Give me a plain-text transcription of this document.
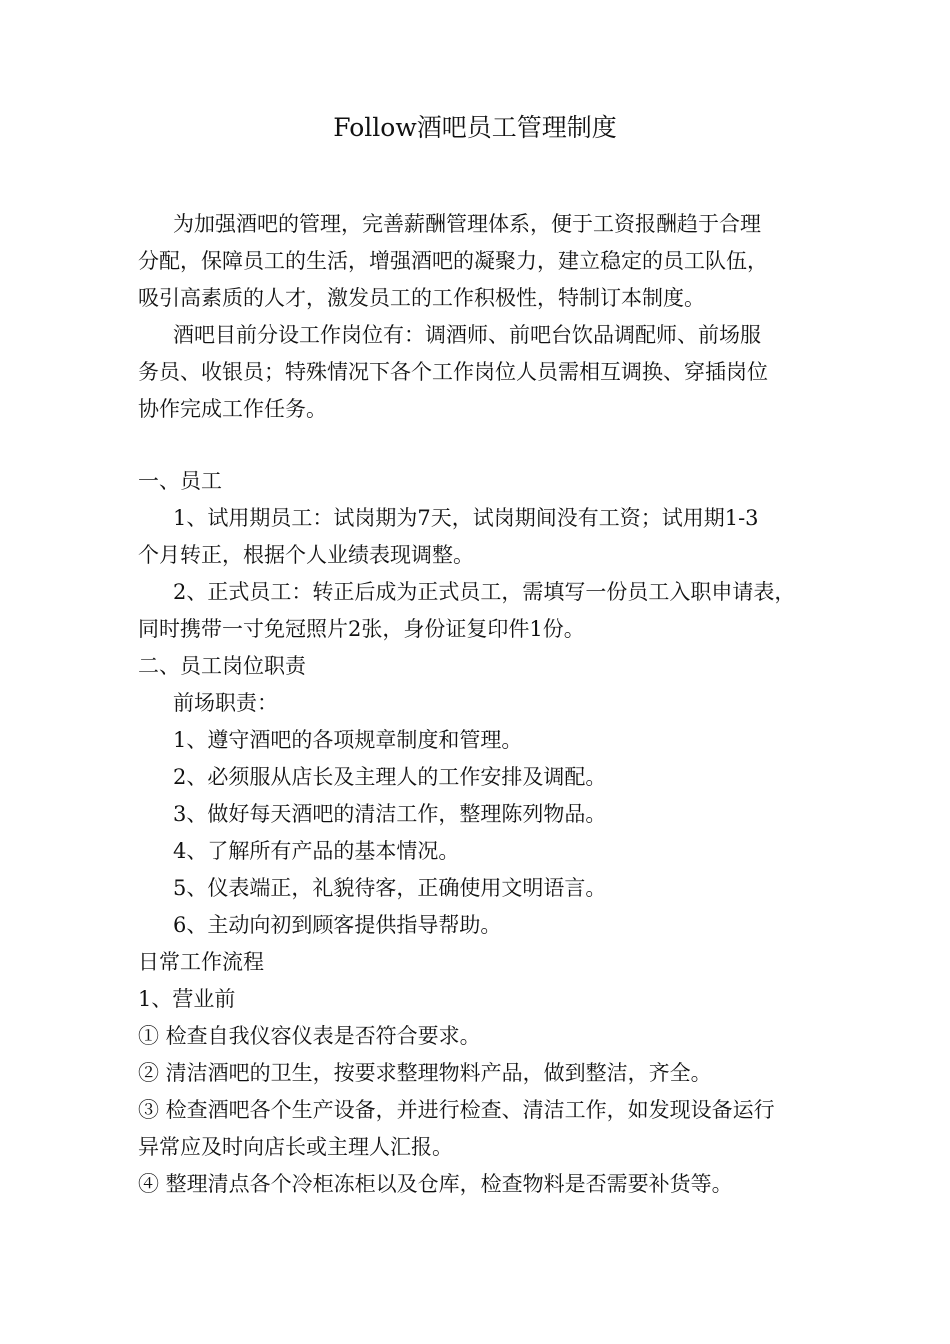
Follow酒吧员工管理制度
为加强酒吧的管理，完善薪酬管理体系，便于工资报酬趋于合理
分配，保障员工的生活，增强酒吧的凝聚力，建立稳定的员工队伍，
吸引高素质的人才，激发员工的工作积极性，特制订本制度。
酒吧目前分设工作岗位有：调酒师、前吧台饮品调配师、前场服
务员、收银员；特殊情况下各个工作岗位人员需相互调换、穿插岗位
协作完成工作任务。
一、员工
1、试用期员工：试岗期为7天，试岗期间没有工资；试用期1-3
个月转正，根据个人业绩表现调整。
2、正式员工：转正后成为正式员工，需填写一份员工入职申请表，
同时携带一寸免冠照片2张，身份证复印件1份。
二、员工岗位职责
前场职责：
1、遵守酒吧的各项规章制度和管理。
2、必须服从店长及主理人的工作安排及调配。
3、做好每天酒吧的清洁工作，整理陈列物品。
4、了解所有产品的基本情况。
5、仪表端正，礼貌待客，正确使用文明语言。
6、主动向初到顾客提供指导帮助。
日常工作流程
1、营业前
① 检查自我仪容仪表是否符合要求。
② 清洁酒吧的卫生，按要求整理物料产品，做到整洁，齐全。
③ 检查酒吧各个生产设备，并进行检查、清洁工作，如发现设备运行
异常应及时向店长或主理人汇报。
④ 整理清点各个冷柜冻柜以及仓库，检查物料是否需要补货等。
